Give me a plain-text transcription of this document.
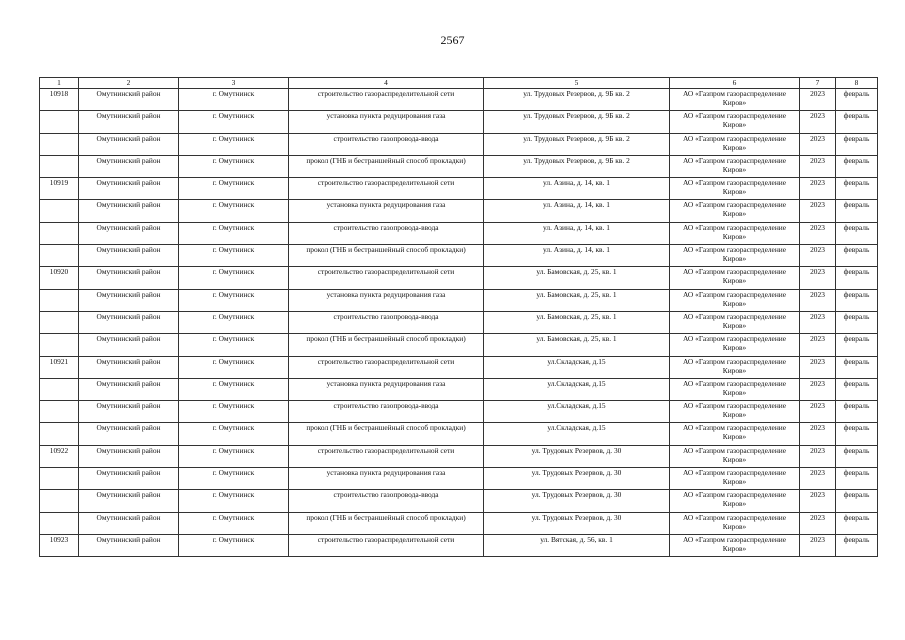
2567
1	2	3	4	5	6	7	8
10918	Омутнинский район	г. Омутнинск	строительство газораспределительной сети	ул. Трудовых Резервов, д. 9Б кв. 2	АО «Газпром газораспределение Киров»	2023	февраль
	Омутнинский район	г. Омутнинск	установка пункта редуцирования газа	ул. Трудовых Резервов, д. 9Б кв. 2	АО «Газпром газораспределение Киров»	2023	февраль
	Омутнинский район	г. Омутнинск	строительство газопровода-ввода	ул. Трудовых Резервов, д. 9Б кв. 2	АО «Газпром газораспределение Киров»	2023	февраль
	Омутнинский район	г. Омутнинск	прокол (ГНБ и бестраншейный способ прокладки)	ул. Трудовых Резервов, д. 9Б кв. 2	АО «Газпром газораспределение Киров»	2023	февраль
10919	Омутнинский район	г. Омутнинск	строительство газораспределительной сети	ул. Азина, д. 14, кв. 1	АО «Газпром газораспределение Киров»	2023	февраль
	Омутнинский район	г. Омутнинск	установка пункта редуцирования газа	ул. Азина, д. 14, кв. 1	АО «Газпром газораспределение Киров»	2023	февраль
	Омутнинский район	г. Омутнинск	строительство газопровода-ввода	ул. Азина, д. 14, кв. 1	АО «Газпром газораспределение Киров»	2023	февраль
	Омутнинский район	г. Омутнинск	прокол (ГНБ и бестраншейный способ прокладки)	ул. Азина, д. 14, кв. 1	АО «Газпром газораспределение Киров»	2023	февраль
10920	Омутнинский район	г. Омутнинск	строительство газораспределительной сети	ул. Бамовская, д. 25, кв. 1	АО «Газпром газораспределение Киров»	2023	февраль
	Омутнинский район	г. Омутнинск	установка пункта редуцирования газа	ул. Бамовская, д. 25, кв. 1	АО «Газпром газораспределение Киров»	2023	февраль
	Омутнинский район	г. Омутнинск	строительство газопровода-ввода	ул. Бамовская, д. 25, кв. 1	АО «Газпром газораспределение Киров»	2023	февраль
	Омутнинский район	г. Омутнинск	прокол (ГНБ и бестраншейный способ прокладки)	ул. Бамовская, д. 25, кв. 1	АО «Газпром газораспределение Киров»	2023	февраль
10921	Омутнинский район	г. Омутнинск	строительство газораспределительной сети	ул.Складская, д.15	АО «Газпром газораспределение Киров»	2023	февраль
	Омутнинский район	г. Омутнинск	установка пункта редуцирования газа	ул.Складская, д.15	АО «Газпром газораспределение Киров»	2023	февраль
	Омутнинский район	г. Омутнинск	строительство газопровода-ввода	ул.Складская, д.15	АО «Газпром газораспределение Киров»	2023	февраль
	Омутнинский район	г. Омутнинск	прокол (ГНБ и бестраншейный способ прокладки)	ул.Складская, д.15	АО «Газпром газораспределение Киров»	2023	февраль
10922	Омутнинский район	г. Омутнинск	строительство газораспределительной сети	ул. Трудовых Резервов, д. 30	АО «Газпром газораспределение Киров»	2023	февраль
	Омутнинский район	г. Омутнинск	установка пункта редуцирования газа	ул. Трудовых Резервов, д. 30	АО «Газпром газораспределение Киров»	2023	февраль
	Омутнинский район	г. Омутнинск	строительство газопровода-ввода	ул. Трудовых Резервов, д. 30	АО «Газпром газораспределение Киров»	2023	февраль
	Омутнинский район	г. Омутнинск	прокол (ГНБ и бестраншейный способ прокладки)	ул. Трудовых Резервов, д. 30	АО «Газпром газораспределение Киров»	2023	февраль
10923	Омутнинский район	г. Омутнинск	строительство газораспределительной сети	ул. Вятская, д. 56, кв. 1	АО «Газпром газораспределение Киров»	2023	февраль
